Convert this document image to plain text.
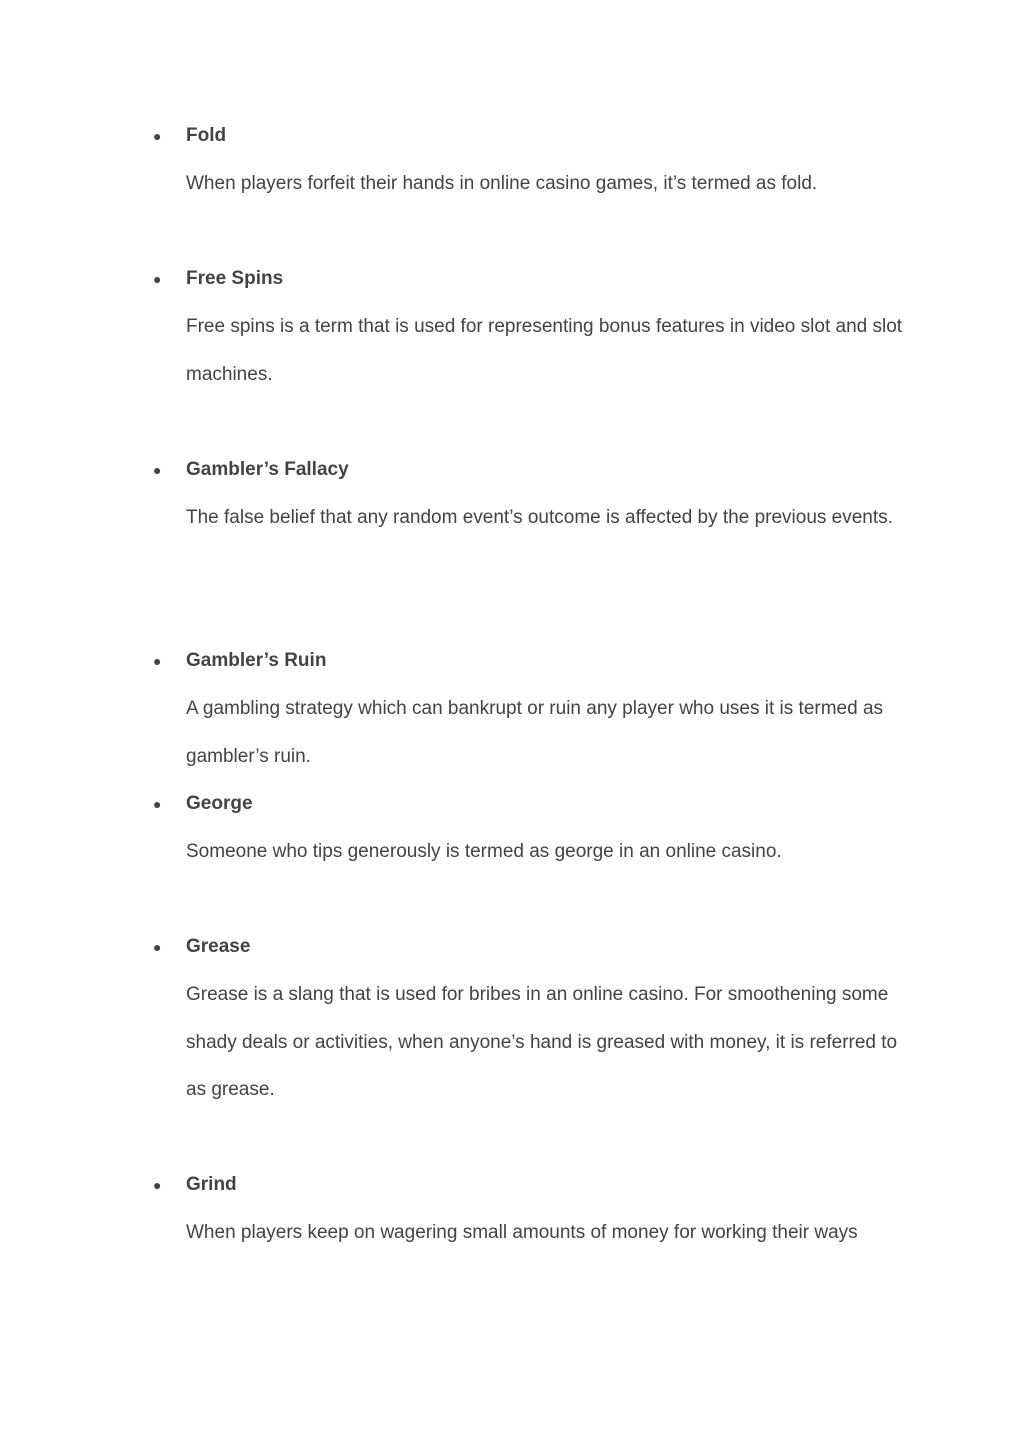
● Fold
When players forfeit their hands in online casino games, it’s termed as fold.
● Free Spins
Free spins is a term that is used for representing bonus features in video slot and slot machines.
● Gambler’s Fallacy
The false belief that any random event’s outcome is affected by the previous events.
● Gambler’s Ruin
A gambling strategy which can bankrupt or ruin any player who uses it is termed as gambler’s ruin.
● George
Someone who tips generously is termed as george in an online casino.
● Grease
Grease is a slang that is used for bribes in an online casino. For smoothening some shady deals or activities, when anyone’s hand is greased with money, it is referred to as grease.
● Grind
When players keep on wagering small amounts of money for working their ways
